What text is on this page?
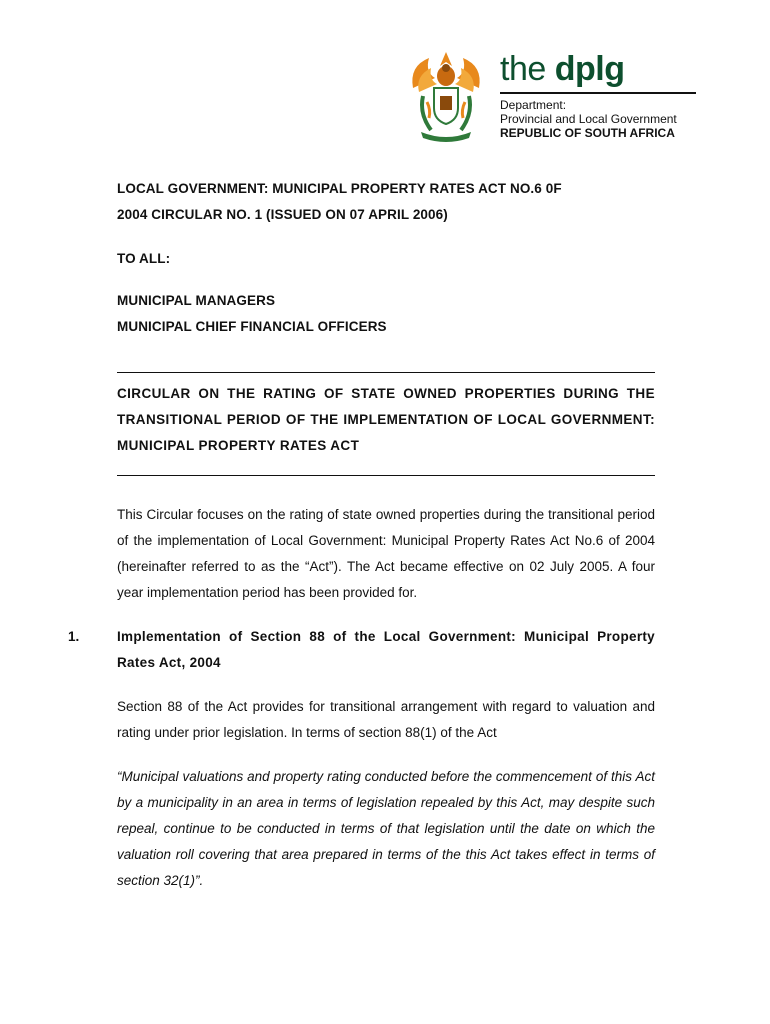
the dplg
Department:
Provincial and Local Government
REPUBLIC OF SOUTH AFRICA
LOCAL GOVERNMENT: MUNICIPAL PROPERTY RATES ACT NO.6 0F
2004 CIRCULAR NO. 1 (ISSUED ON 07 APRIL 2006)
TO ALL:
MUNICIPAL MANAGERS
MUNICIPAL CHIEF FINANCIAL OFFICERS
CIRCULAR ON THE RATING OF STATE OWNED PROPERTIES DURING THE TRANSITIONAL PERIOD OF THE IMPLEMENTATION OF LOCAL GOVERNMENT: MUNICIPAL PROPERTY RATES ACT
This Circular focuses on the rating of state owned properties during the transitional period of the implementation of Local Government: Municipal Property Rates Act No.6 of 2004 (hereinafter referred to as the “Act”). The Act became effective on 02 July 2005. A four year implementation period has been provided for.
1.	Implementation of Section 88 of the Local Government: Municipal Property Rates Act, 2004
Section 88 of the Act provides for transitional arrangement with regard to valuation and rating under prior legislation. In terms of section 88(1) of the Act
“Municipal valuations and property rating conducted before the commencement of this Act by a municipality in an area in terms of legislation repealed by this Act, may despite such repeal, continue to be conducted in terms of that legislation until the date on which the valuation roll covering that area prepared in terms of the this Act takes effect in terms of section 32(1)”.
